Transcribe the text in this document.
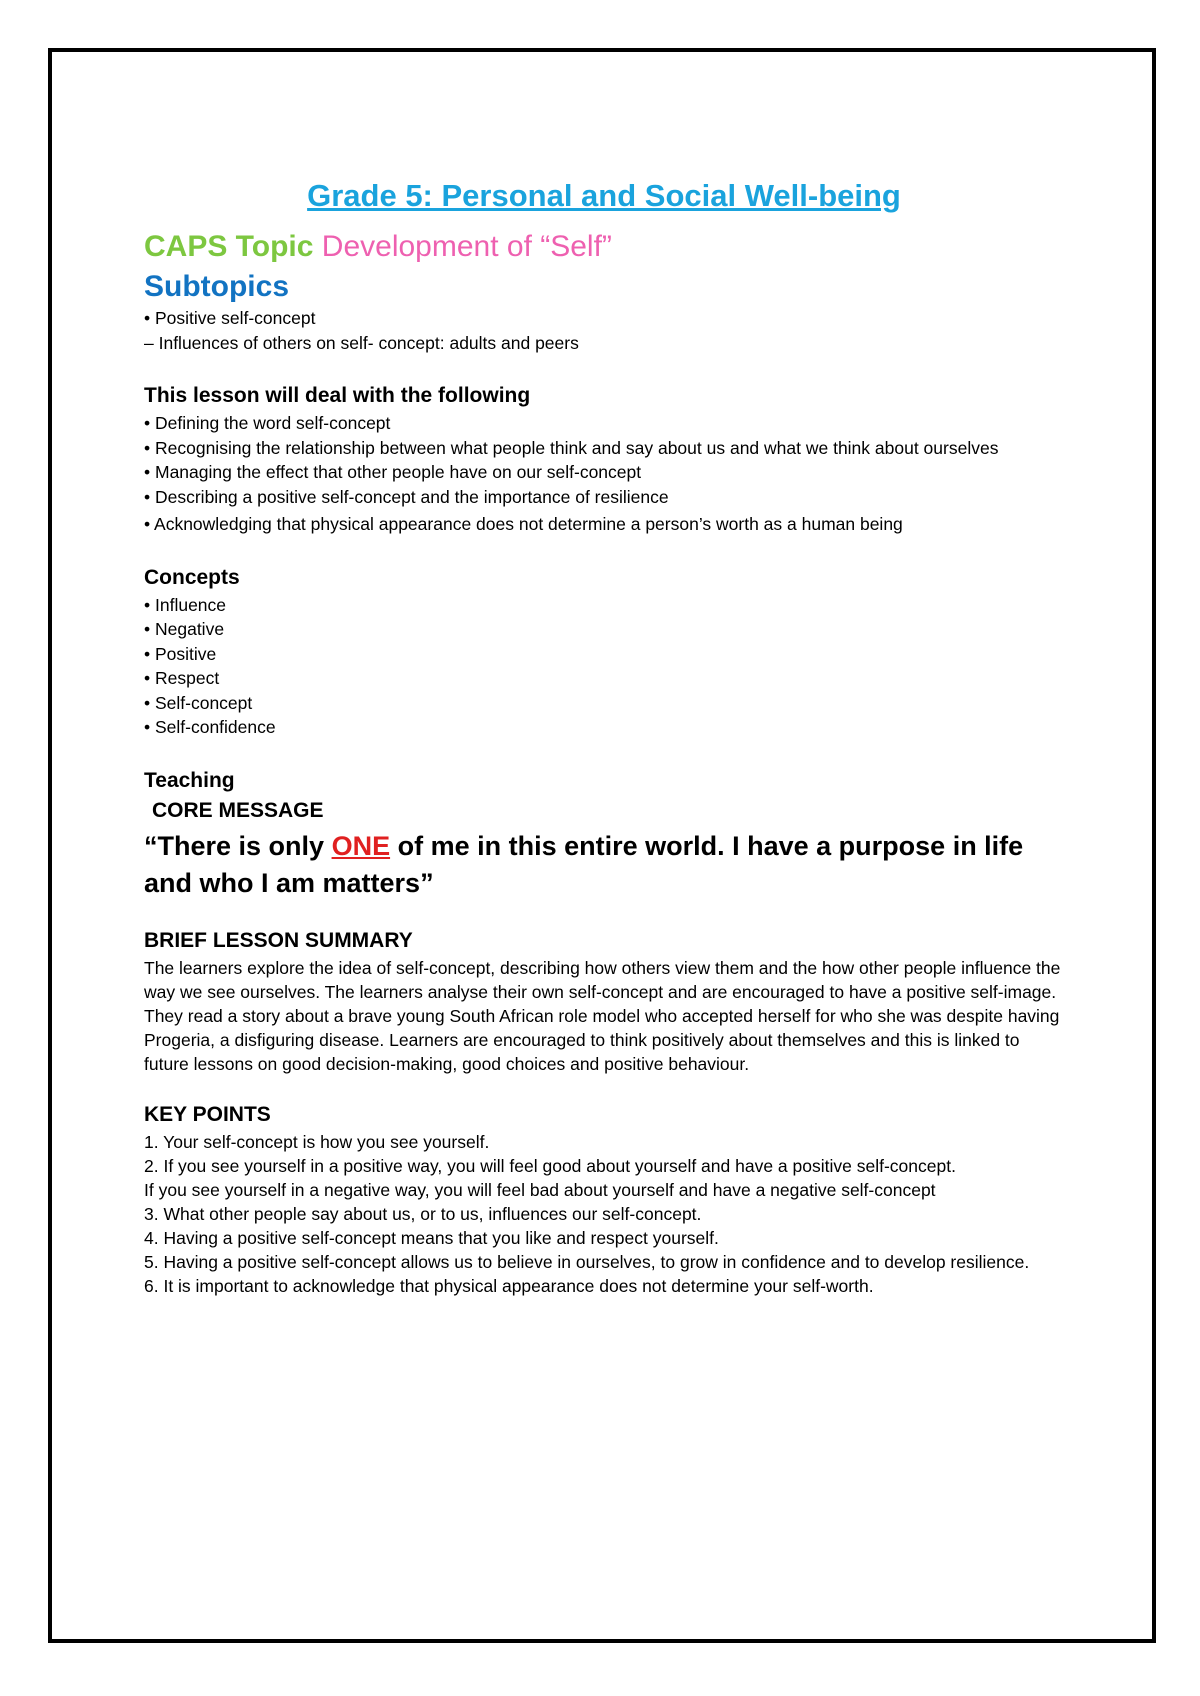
Grade 5: Personal and Social Well-being

CAPS Topic Development of “Self”

Subtopics

• Positive self-concept

– Influences of others on self- concept: adults and peers

This lesson will deal with the following

• Defining the word self-concept

• Recognising the relationship between what people think and say about us and what we think about ourselves

• Managing the effect that other people have on our self-concept

• Describing a positive self-concept and the importance of resilience

• Acknowledging that physical appearance does not determine a person’s worth as a human being

Concepts

• Influence

• Negative

• Positive

• Respect

• Self-concept

• Self-confidence

Teaching

CORE MESSAGE

“There is only ONE of me in this entire world. I have a purpose in life and who I am matters”

BRIEF LESSON SUMMARY

The learners explore the idea of self-concept, describing how others view them and the how other people influence the way we see ourselves. The learners analyse their own self-concept and are encouraged to have a positive self-image. They read a story about a brave young South African role model who accepted herself for who she was despite having Progeria, a disfiguring disease. Learners are encouraged to think positively about themselves and this is linked to future lessons on good decision-making, good choices and positive behaviour.

KEY POINTS

1. Your self-concept is how you see yourself.

2. If you see yourself in a positive way, you will feel good about yourself and have a positive self-concept.

If you see yourself in a negative way, you will feel bad about yourself and have a negative self-concept

3. What other people say about us, or to us, influences our self-concept.

4. Having a positive self-concept means that you like and respect yourself.

5. Having a positive self-concept allows us to believe in ourselves, to grow in confidence and to develop resilience.

6. It is important to acknowledge that physical appearance does not determine your self-worth.
